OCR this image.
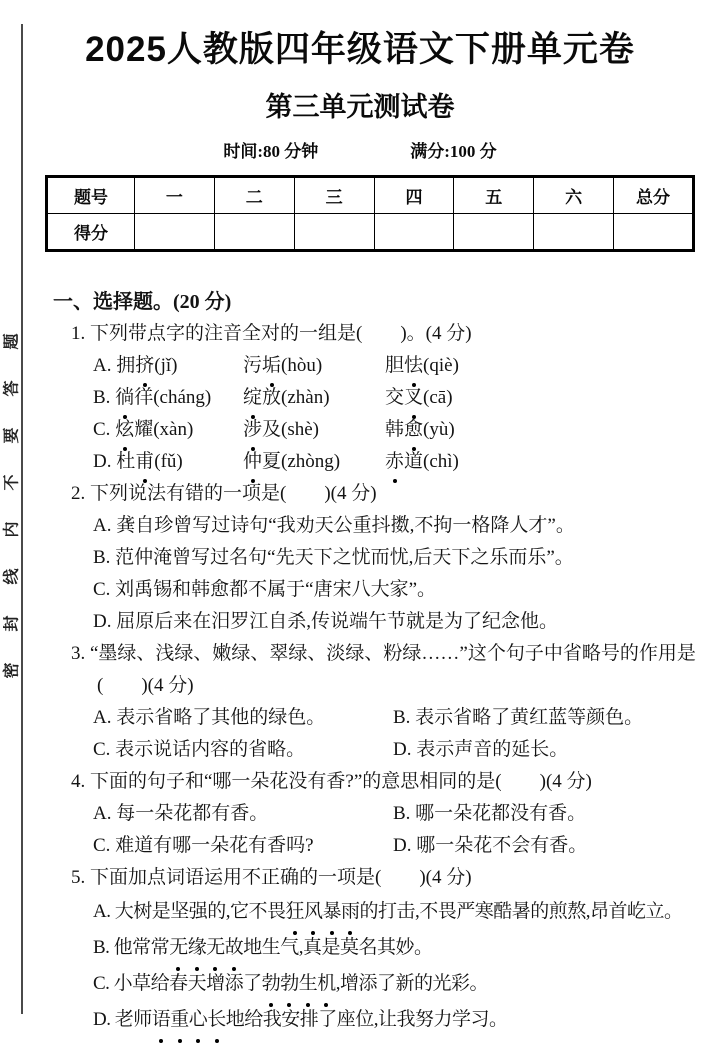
题
答
要
不
内
线
封
密
2025人教版四年级语文下册单元卷
第三单元测试卷
时间:80 分钟	满分:100 分
题号	一	二	三	四	五	六	总分
得分							
一、选择题。(20 分)
1. 下列带点字的注音全对的一组是(　　)。(4 分)
A. 拥挤(jǐ)	污垢(hòu)	胆怯(qiè)
B. 徜徉(cháng)	绽放(zhàn)	交叉(cā)
C. 炫耀(xàn)	涉及(shè)	韩愈(yù)
D. 杜甫(fǔ)	仲夏(zhòng)	赤道(chì)
2. 下列说法有错的一项是(　　)(4 分)
A. 龚自珍曾写过诗句“我劝天公重抖擞,不拘一格降人才”。
B. 范仲淹曾写过名句“先天下之忧而忧,后天下之乐而乐”。
C. 刘禹锡和韩愈都不属于“唐宋八大家”。
D. 屈原后来在汨罗江自杀,传说端午节就是为了纪念他。
3. “墨绿、浅绿、嫩绿、翠绿、淡绿、粉绿……”这个句子中省略号的作用是(　　)(4 分)
A. 表示省略了其他的绿色。	B. 表示省略了黄红蓝等颜色。
C. 表示说话内容的省略。	D. 表示声音的延长。
4. 下面的句子和“哪一朵花没有香?”的意思相同的是(　　)(4 分)
A. 每一朵花都有香。	B. 哪一朵花都没有香。
C. 难道有哪一朵花有香吗?	D. 哪一朵花不会有香。
5. 下面加点词语运用不正确的一项是(　　)(4 分)
A. 大树是坚强的,它不畏狂风暴雨的打击,不畏严寒酷暑的煎熬,昂首屹立。
B. 他常常无缘无故地生气,真是莫名其妙。
C. 小草给春天增添了勃勃生机,增添了新的光彩。
D. 老师语重心长地给我安排了座位,让我努力学习。
